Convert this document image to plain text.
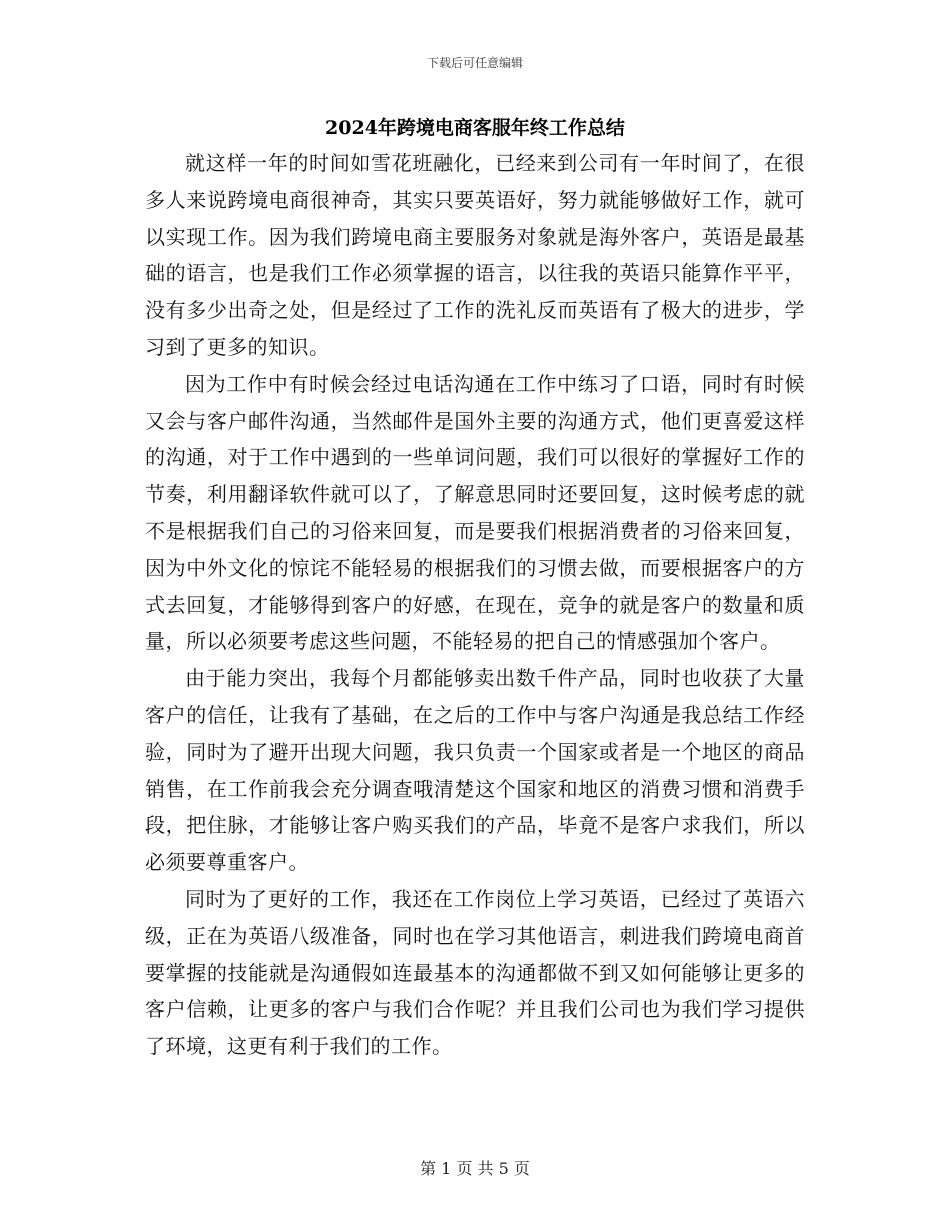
下载后可任意编辑
2024年跨境电商客服年终工作总结

就这样一年的时间如雪花班融化，已经来到公司有一年时间了，在很多人来说跨境电商很神奇，其实只要英语好，努力就能够做好工作，就可以实现工作。因为我们跨境电商主要服务对象就是海外客户，英语是最基础的语言，也是我们工作必须掌握的语言，以往我的英语只能算作平平，没有多少出奇之处，但是经过了工作的洗礼反而英语有了极大的进步，学习到了更多的知识。

因为工作中有时候会经过电话沟通在工作中练习了口语，同时有时候又会与客户邮件沟通，当然邮件是国外主要的沟通方式，他们更喜爱这样的沟通，对于工作中遇到的一些单词问题，我们可以很好的掌握好工作的节奏，利用翻译软件就可以了，了解意思同时还要回复，这时候考虑的就不是根据我们自己的习俗来回复，而是要我们根据消费者的习俗来回复，因为中外文化的惊诧不能轻易的根据我们的习惯去做，而要根据客户的方式去回复，才能够得到客户的好感，在现在，竞争的就是客户的数量和质量，所以必须要考虑这些问题，不能轻易的把自己的情感强加个客户。

由于能力突出，我每个月都能够卖出数千件产品，同时也收获了大量客户的信任，让我有了基础，在之后的工作中与客户沟通是我总结工作经验，同时为了避开出现大问题，我只负责一个国家或者是一个地区的商品销售，在工作前我会充分调查哦清楚这个国家和地区的消费习惯和消费手段，把住脉，才能够让客户购买我们的产品，毕竟不是客户求我们，所以必须要尊重客户。

同时为了更好的工作，我还在工作岗位上学习英语，已经过了英语六级，正在为英语八级准备，同时也在学习其他语言，刺进我们跨境电商首要掌握的技能就是沟通假如连最基本的沟通都做不到又如何能够让更多的客户信赖，让更多的客户与我们合作呢？并且我们公司也为我们学习提供了环境，这更有利于我们的工作。

第 1 页 共 5 页
